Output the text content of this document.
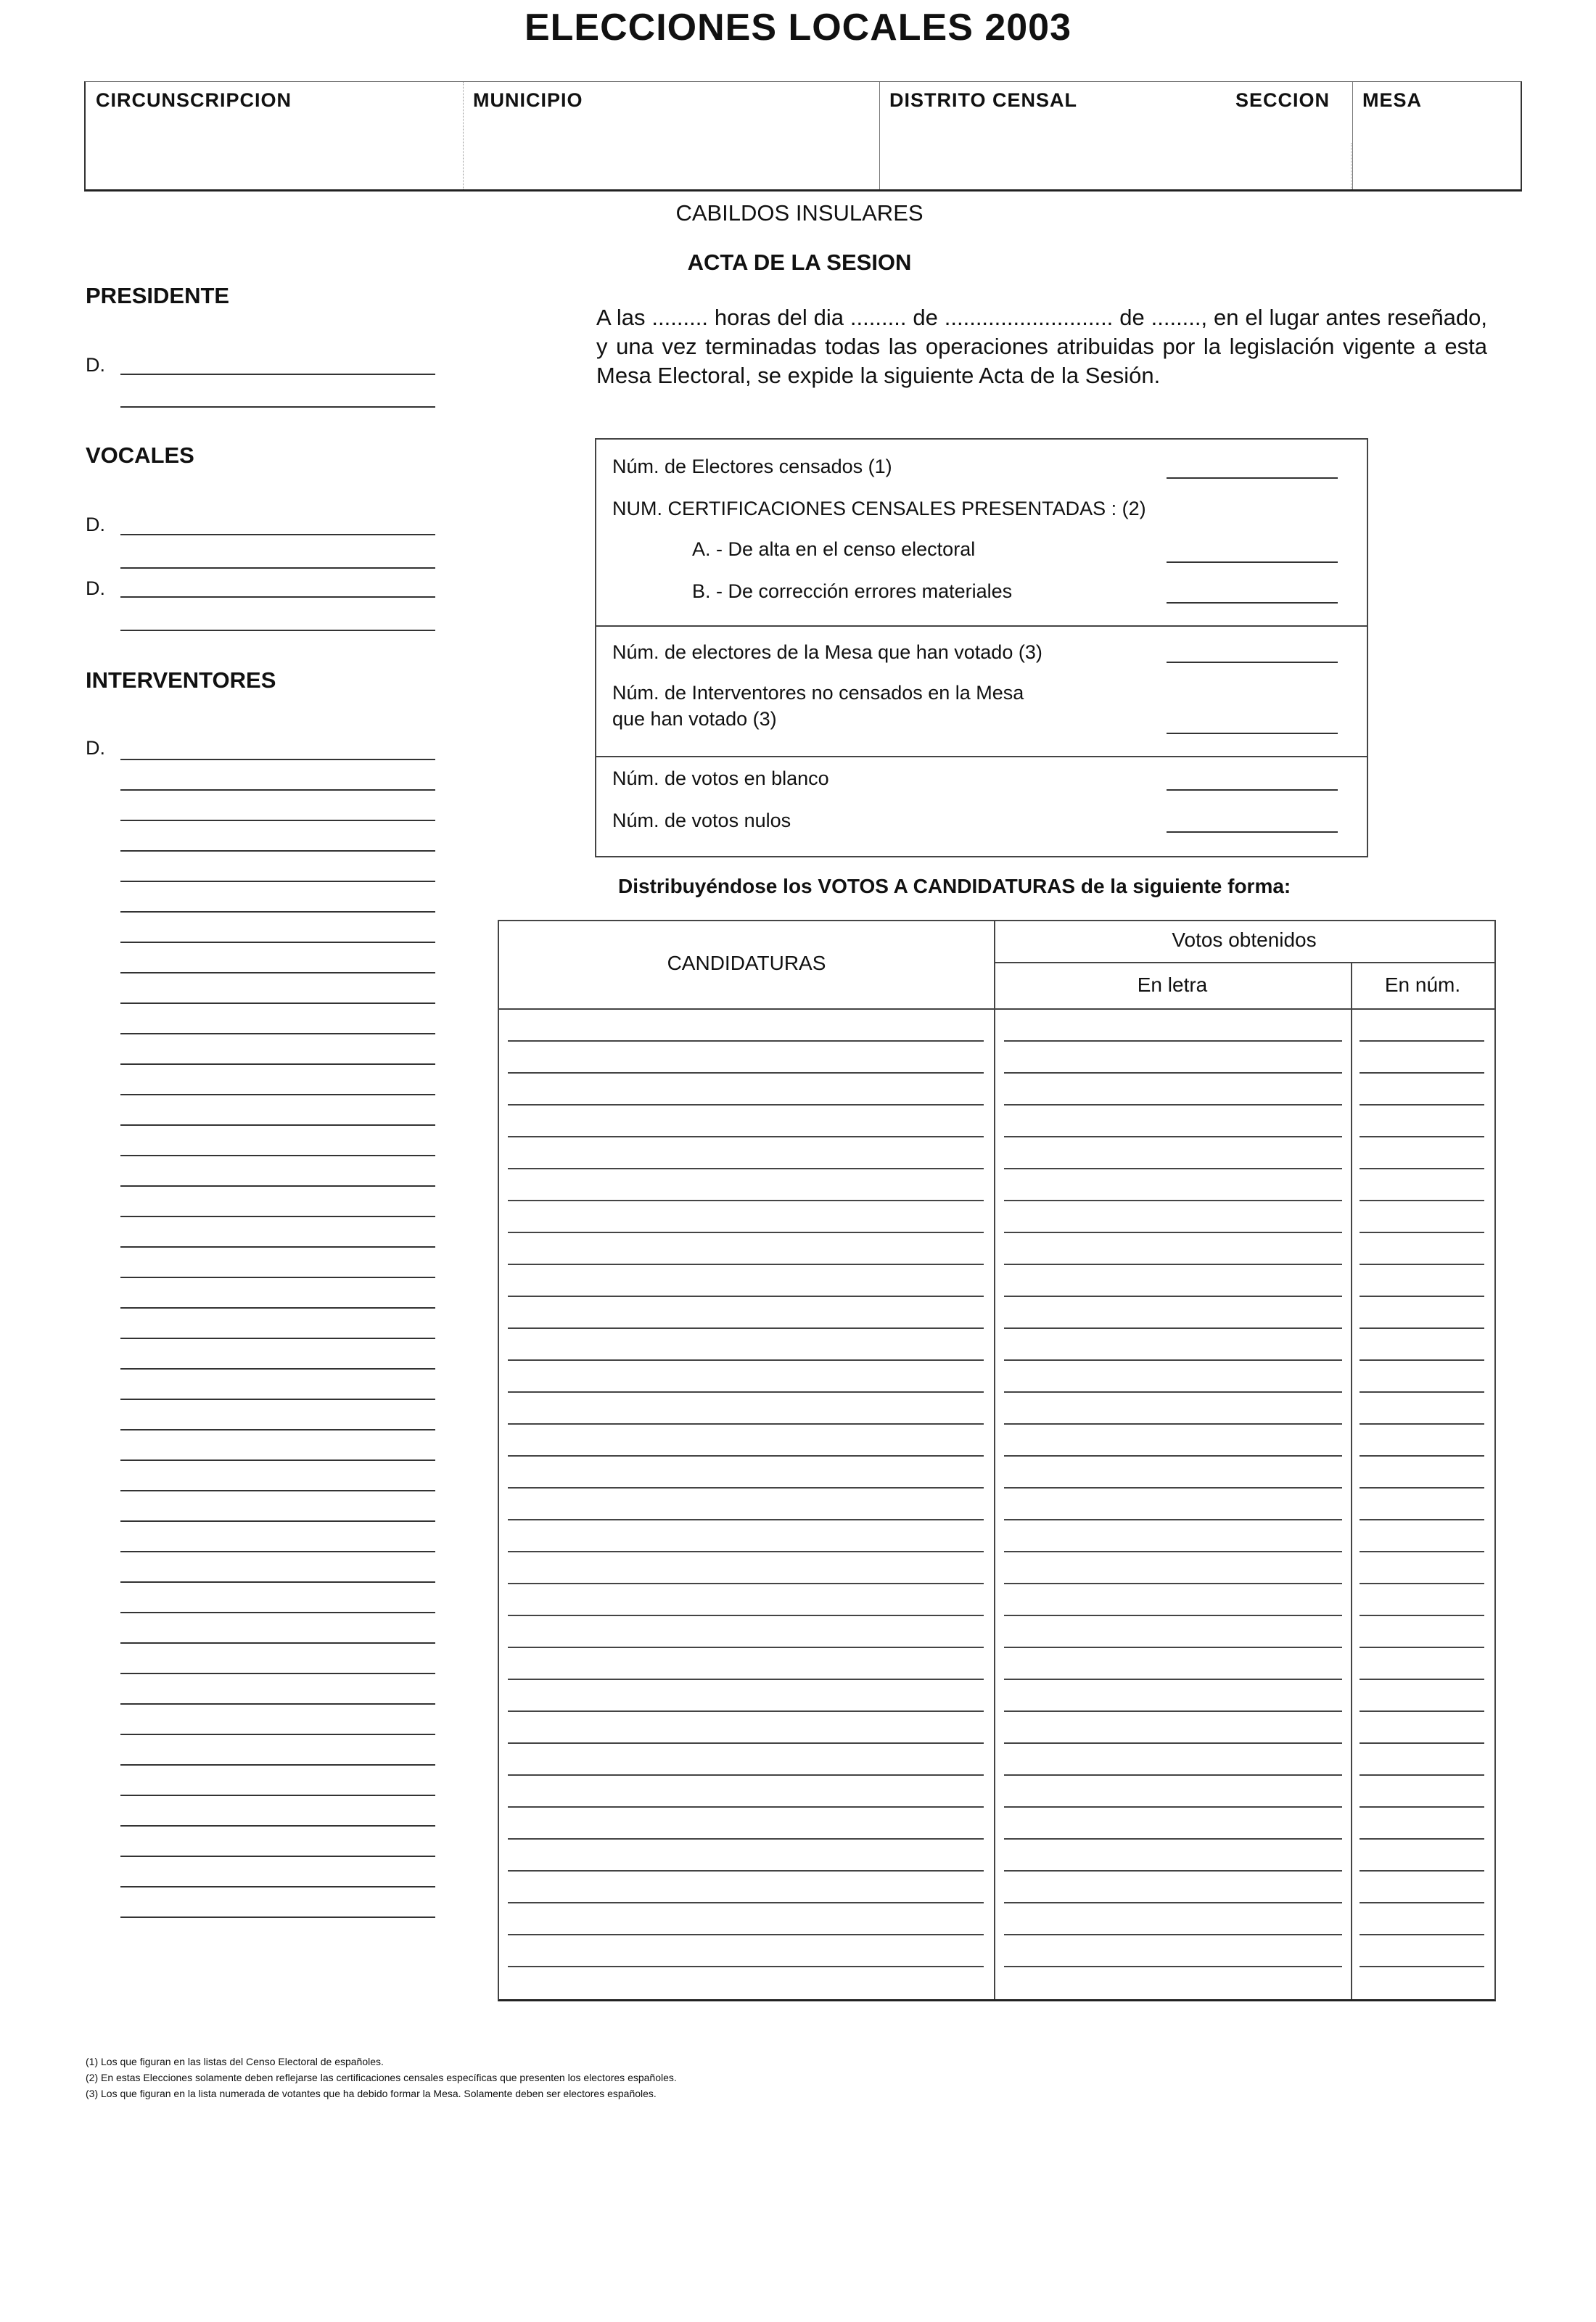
ELECCIONES LOCALES 2003
CIRCUNSCRIPCION	MUNICIPIO	DISTRITO CENSAL	SECCION	MESA
CABILDOS INSULARES
ACTA DE LA SESION
PRESIDENTE
D.
VOCALES
D.
D.
INTERVENTORES
D.
A las ......... horas del dia ......... de ........................... de ........, en el lugar antes reseñado, y una vez terminadas todas las operaciones atribuidas por la legislación vigente a esta Mesa Electoral, se expide la siguiente Acta de la Sesión.
Núm. de Electores censados (1)
NUM. CERTIFICACIONES CENSALES PRESENTADAS : (2)
A. - De alta en el censo electoral
B. - De corrección errores materiales
Núm. de electores de la Mesa que han votado (3)
Núm. de Interventores no censados en la Mesa
que han votado (3)
Núm. de votos en blanco
Núm. de votos nulos
Distribuyéndose los VOTOS A CANDIDATURAS de la siguiente forma:
CANDIDATURAS
Votos obtenidos
En letra	En núm.
(1) Los que figuran en las listas del Censo Electoral de españoles.
(2) En estas Elecciones solamente deben reflejarse las certificaciones censales específicas que presenten los electores españoles.
(3) Los que figuran en la lista numerada de votantes que ha debido formar la Mesa. Solamente deben ser electores españoles.
